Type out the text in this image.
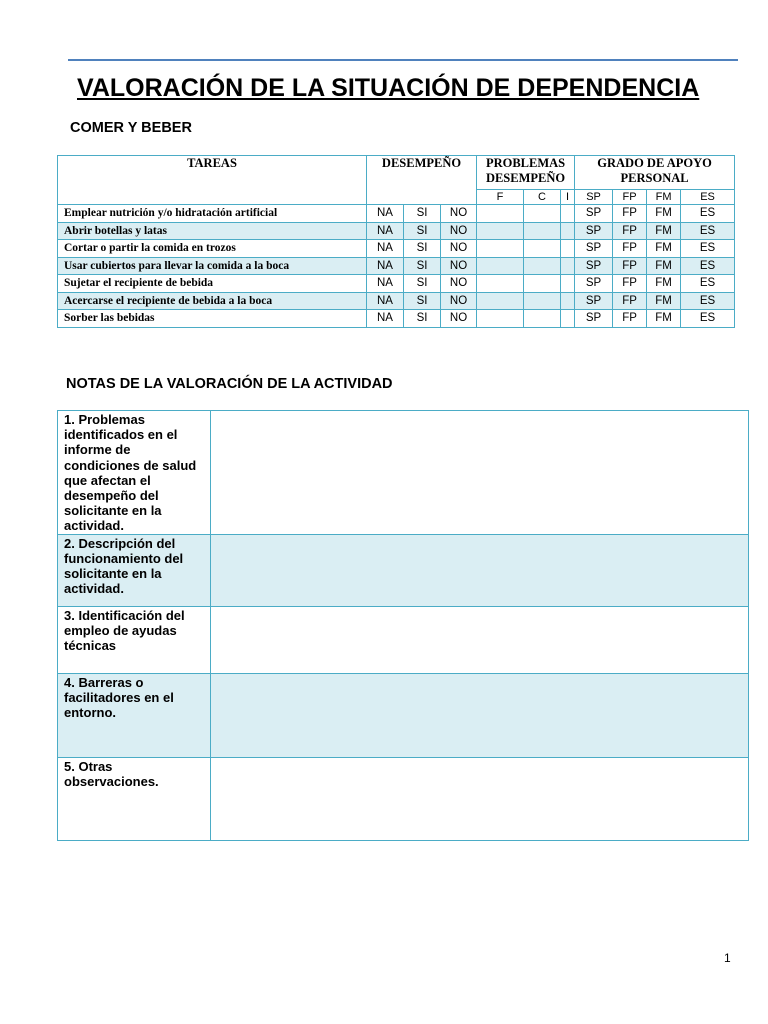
VALORACIÓN DE LA SITUACIÓN DE DEPENDENCIA
COMER Y BEBER
TAREAS	DESEMPEÑO			PROBLEMAS DESEMPEÑO			GRADO DE APOYO PERSONAL			
				F	C	I	SP	FP	FM	ES
Emplear nutrición y/o hidratación artificial	NA	SI	NO				SP	FP	FM	ES
Abrir botellas y latas	NA	SI	NO				SP	FP	FM	ES
Cortar o partir la comida en trozos	NA	SI	NO				SP	FP	FM	ES
Usar cubiertos para llevar la comida a la boca	NA	SI	NO				SP	FP	FM	ES
Sujetar el recipiente de bebida	NA	SI	NO				SP	FP	FM	ES
Acercarse el recipiente de bebida a la boca	NA	SI	NO				SP	FP	FM	ES
Sorber las bebidas	NA	SI	NO				SP	FP	FM	ES
NOTAS DE LA VALORACIÓN DE LA ACTIVIDAD
1. Problemas identificados en el informe de condiciones de salud que afectan el desempeño del solicitante en la actividad.	
2. Descripción del funcionamiento del solicitante en la actividad.	
3. Identificación del empleo de ayudas técnicas	
4. Barreras o facilitadores en el entorno.	
5. Otras observaciones.	
1
